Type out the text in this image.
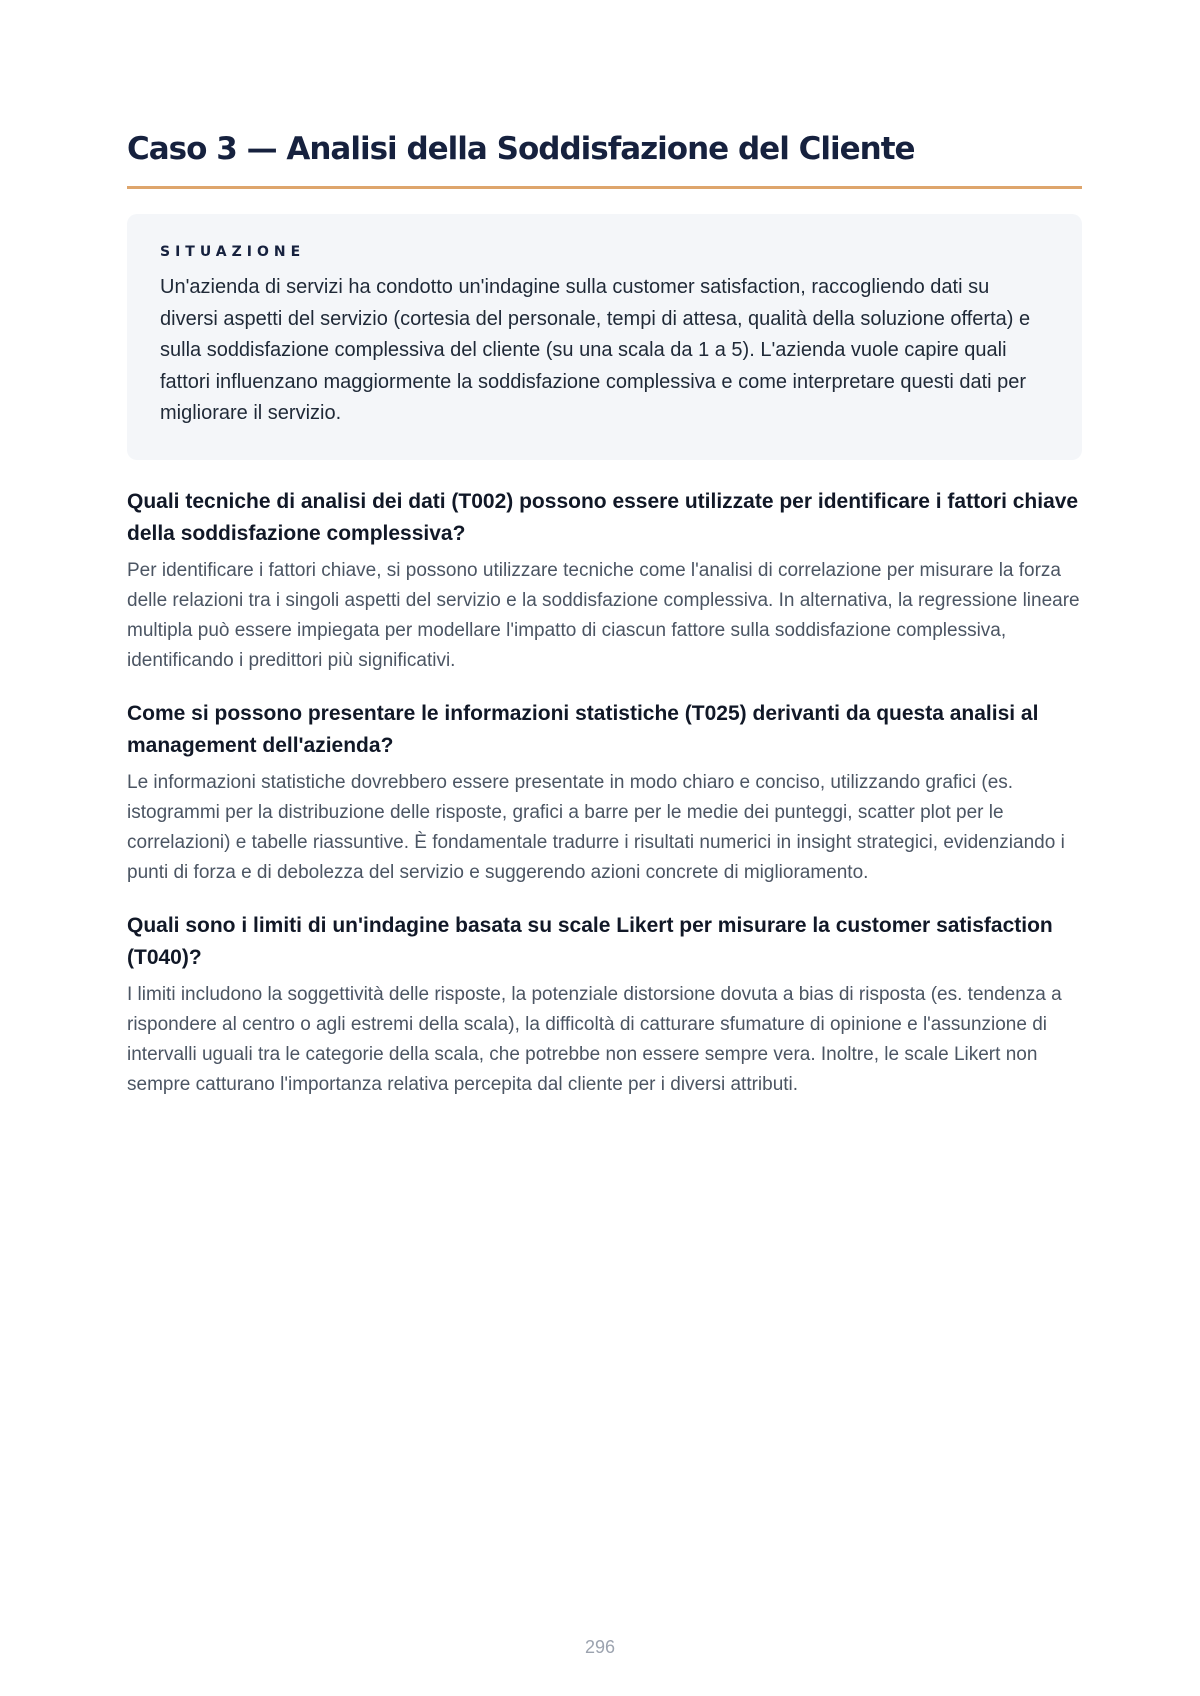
Caso 3 — Analisi della Soddisfazione del Cliente
SITUAZIONE

Un'azienda di servizi ha condotto un'indagine sulla customer satisfaction, raccogliendo dati su diversi aspetti del servizio (cortesia del personale, tempi di attesa, qualità della soluzione offerta) e sulla soddisfazione complessiva del cliente (su una scala da 1 a 5). L'azienda vuole capire quali fattori influenzano maggiormente la soddisfazione complessiva e come interpretare questi dati per migliorare il servizio.

Quali tecniche di analisi dei dati (T002) possono essere utilizzate per identificare i fattori chiave della soddisfazione complessiva?

Per identificare i fattori chiave, si possono utilizzare tecniche come l'analisi di correlazione per misurare la forza delle relazioni tra i singoli aspetti del servizio e la soddisfazione complessiva. In alternativa, la regressione lineare multipla può essere impiegata per modellare l'impatto di ciascun fattore sulla soddisfazione complessiva, identificando i predittori più significativi.

Come si possono presentare le informazioni statistiche (T025) derivanti da questa analisi al management dell'azienda?

Le informazioni statistiche dovrebbero essere presentate in modo chiaro e conciso, utilizzando grafici (es. istogrammi per la distribuzione delle risposte, grafici a barre per le medie dei punteggi, scatter plot per le correlazioni) e tabelle riassuntive. È fondamentale tradurre i risultati numerici in insight strategici, evidenziando i punti di forza e di debolezza del servizio e suggerendo azioni concrete di miglioramento.

Quali sono i limiti di un'indagine basata su scale Likert per misurare la customer satisfaction (T040)?

I limiti includono la soggettività delle risposte, la potenziale distorsione dovuta a bias di risposta (es. tendenza a rispondere al centro o agli estremi della scala), la difficoltà di catturare sfumature di opinione e l'assunzione di intervalli uguali tra le categorie della scala, che potrebbe non essere sempre vera. Inoltre, le scale Likert non sempre catturano l'importanza relativa percepita dal cliente per i diversi attributi.

296
